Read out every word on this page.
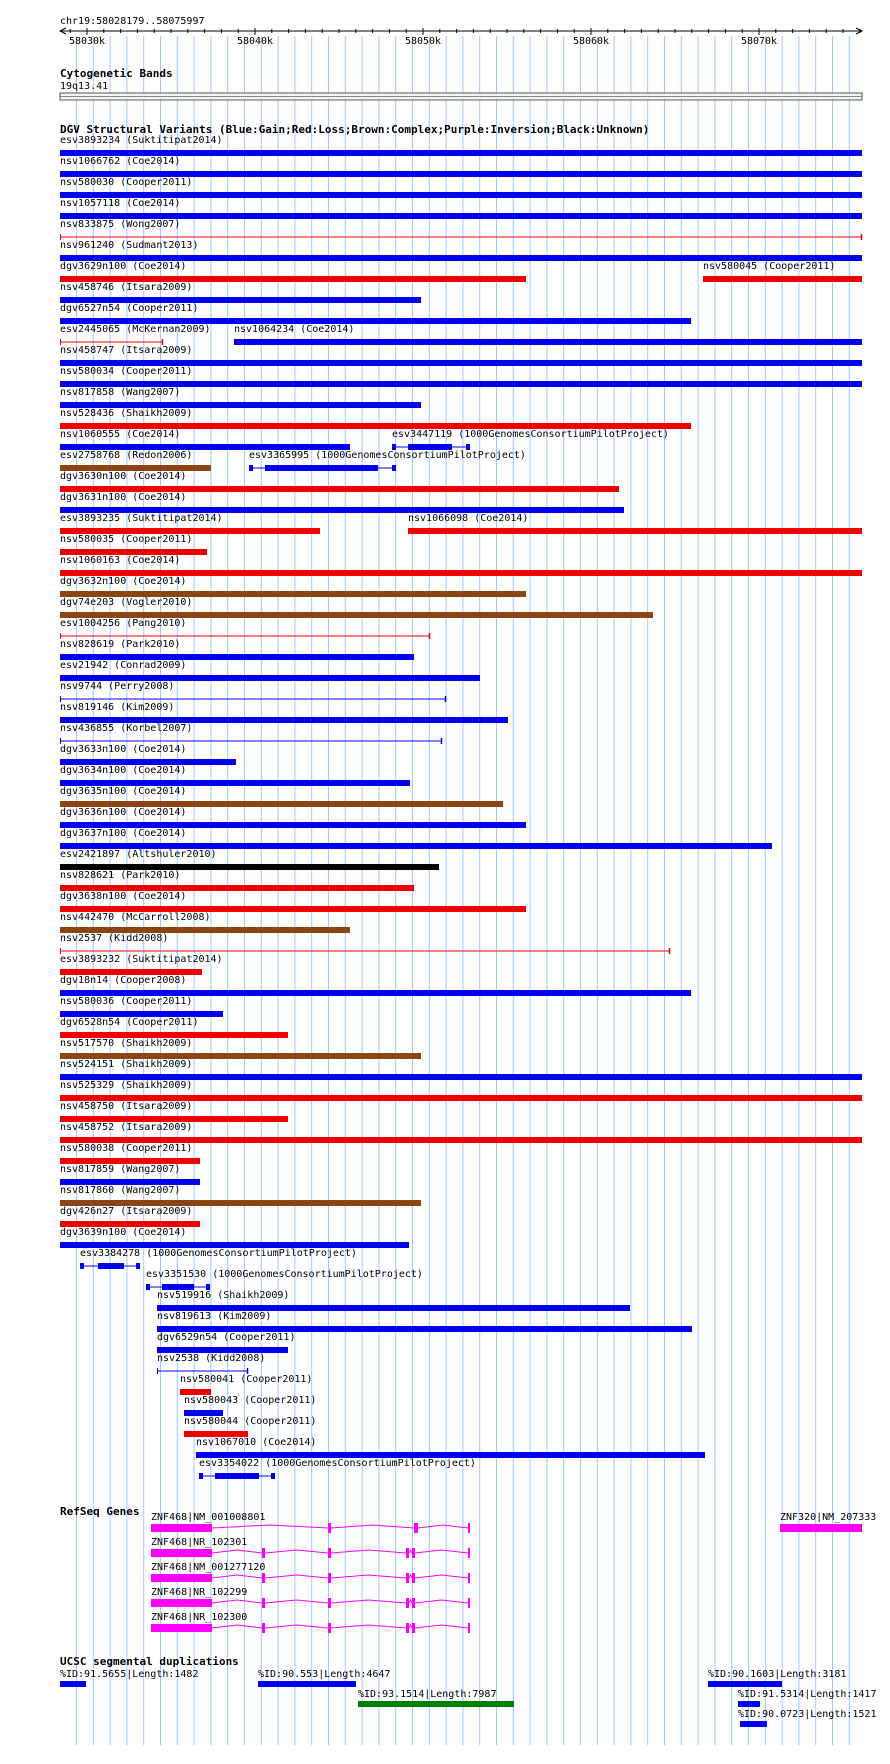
chr19:58028179..58075997
58030k	58040k	58050k	58060k	58070k
Cytogenetic Bands
19q13.41
DGV Structural Variants (Blue:Gain;Red:Loss;Brown:Complex;Purple:Inversion;Black:Unknown)
esv3893234 (Suktitipat2014)
nsv1066762 (Coe2014)
nsv580030 (Cooper2011)
nsv1057118 (Coe2014)
nsv833875 (Wong2007)
nsv961240 (Sudmant2013)
dgv3629n100 (Coe2014)	nsv580045 (Cooper2011)
nsv458746 (Itsara2009)
dgv6527n54 (Cooper2011)
esv2445065 (McKernan2009) nsv1064234 (Coe2014)
nsv458747 (Itsara2009)
nsv580034 (Cooper2011)
nsv817858 (Wang2007)
nsv528436 (Shaikh2009)
nsv1060555 (Coe2014)	esv3447119 (1000GenomesConsortiumPilotProject)
esv2758768 (Redon2006)	esv3365995 (1000GenomesConsortiumPilotProject)
dgv3630n100 (Coe2014)
dgv3631n100 (Coe2014)
esv3893235 (Suktitipat2014)	nsv1066098 (Coe2014)
nsv580035 (Cooper2011)
nsv1060163 (Coe2014)
dgv3632n100 (Coe2014)
dgv74e203 (Vogler2010)
esv1004256 (Pang2010)
nsv828619 (Park2010)
esv21942 (Conrad2009)
nsv9744 (Perry2008)
nsv819146 (Kim2009)
nsv436855 (Korbel2007)
dgv3633n100 (Coe2014)
dgv3634n100 (Coe2014)
dgv3635n100 (Coe2014)
dgv3636n100 (Coe2014)
dgv3637n100 (Coe2014)
esv2421897 (Altshuler2010)
nsv828621 (Park2010)
dgv3638n100 (Coe2014)
nsv442470 (McCarroll2008)
nsv2537 (Kidd2008)
esv3893232 (Suktitipat2014)
dgv18n14 (Cooper2008)
nsv580036 (Cooper2011)
dgv6528n54 (Cooper2011)
nsv517570 (Shaikh2009)
nsv524151 (Shaikh2009)
nsv525329 (Shaikh2009)
nsv458750 (Itsara2009)
nsv458752 (Itsara2009)
nsv580038 (Cooper2011)
nsv817859 (Wang2007)
nsv817860 (Wang2007)
dgv426n27 (Itsara2009)
dgv3639n100 (Coe2014)
esv3384278 (1000GenomesConsortiumPilotProject)
esv3351530 (1000GenomesConsortiumPilotProject)
nsv519916 (Shaikh2009)
nsv819613 (Kim2009)
dgv6529n54 (Cooper2011)
nsv2538 (Kidd2008)
nsv580041 (Cooper2011)
nsv580043 (Cooper2011)
nsv580044 (Cooper2011)
nsv1067010 (Coe2014)
esv3354022 (1000GenomesConsortiumPilotProject)
RefSeq Genes ZNF468|NM_001008801	ZNF320|NM_207333
ZNF468|NR_102301
ZNF468|NM_001277120
ZNF468|NR_102299
ZNF468|NR_102300
UCSC segmental duplications
%ID:91.5655|Length:1482	%ID:90.553|Length:4647
%ID:93.1514|Length:7987
%ID:90.1603|Length:3181
%ID:91.5314|Length:1417
%ID:90.0723|Length:1521
